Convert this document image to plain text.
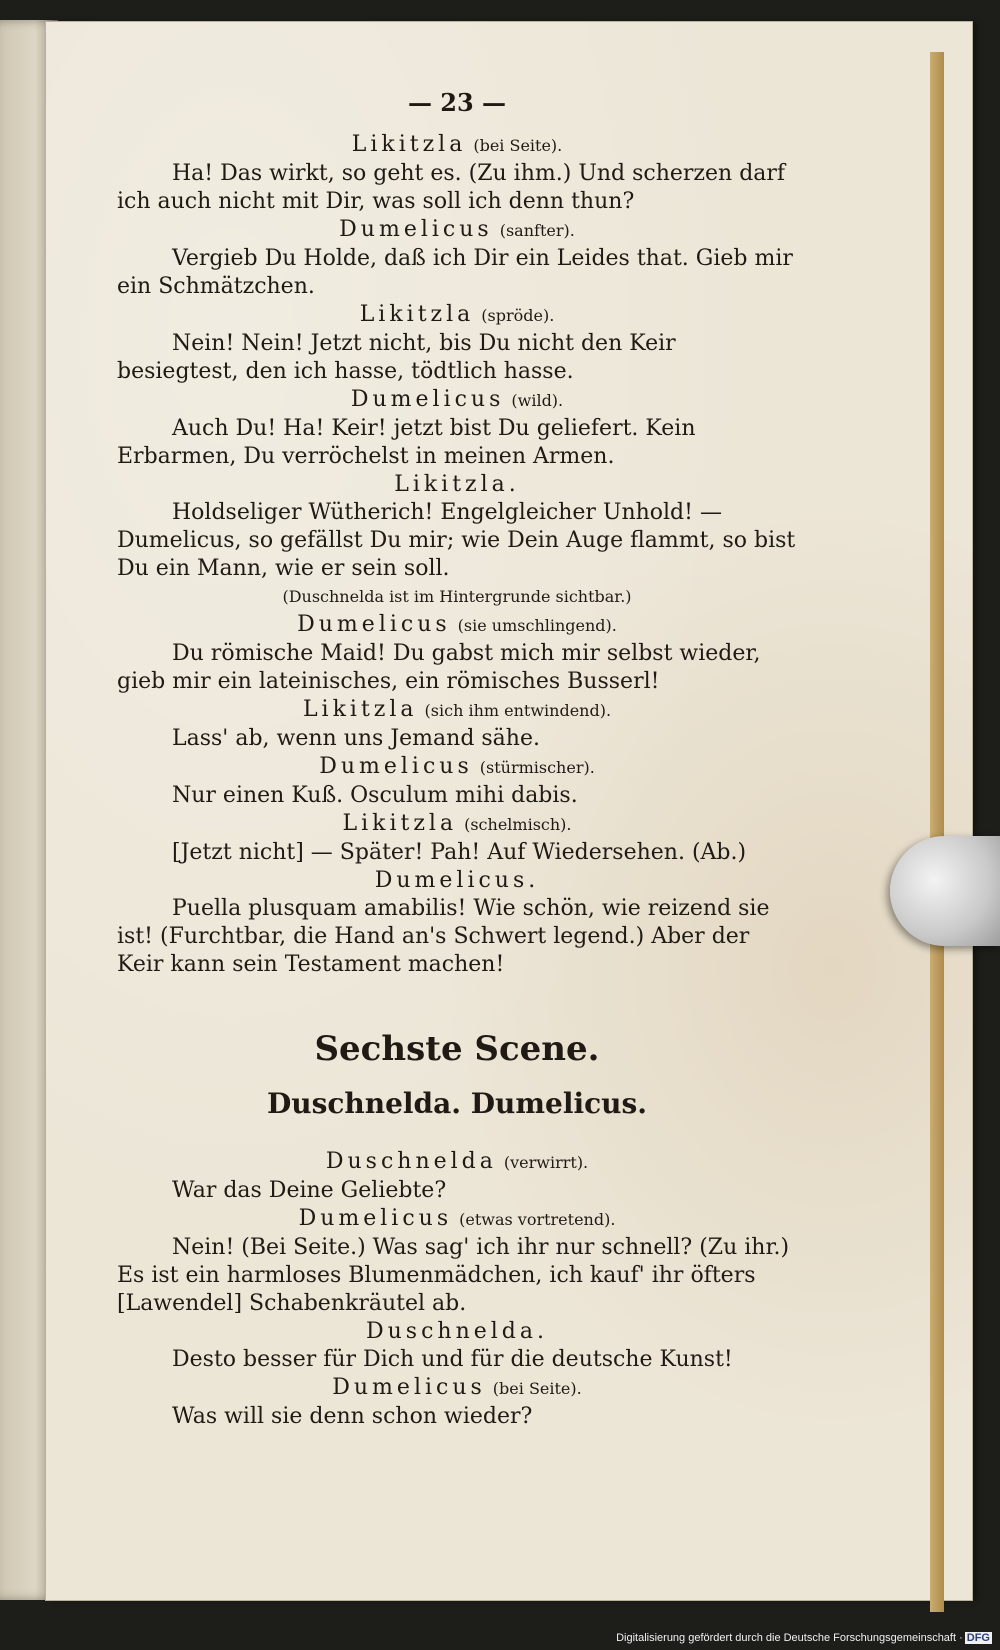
— 23 —
Likitzla (bei Seite).
Ha! Das wirkt, so geht es. (Zu ihm.) Und scherzen darf ich auch nicht mit Dir, was soll ich denn thun?
Dumelicus (sanfter).
Vergieb Du Holde, daß ich Dir ein Leides that. Gieb mir ein Schmätzchen.
Likitzla (spröde).
Nein! Nein! Jetzt nicht, bis Du nicht den Keir besiegtest, den ich hasse, tödtlich hasse.
Dumelicus (wild).
Auch Du! Ha! Keir! jetzt bist Du geliefert. Kein Erbarmen, Du verröchelst in meinen Armen.
Likitzla.
Holdseliger Wütherich! Engelgleicher Unhold! — Dumelicus, so gefällst Du mir; wie Dein Auge flammt, so bist Du ein Mann, wie er sein soll.
(Duschnelda ist im Hintergrunde sichtbar.)
Dumelicus (sie umschlingend).
Du römische Maid! Du gabst mich mir selbst wieder, gieb mir ein lateinisches, ein römisches Busserl!
Likitzla (sich ihm entwindend).
Lass' ab, wenn uns Jemand sähe.
Dumelicus (stürmischer).
Nur einen Kuß. Osculum mihi dabis.
Likitzla (schelmisch).
[Jetzt nicht] — Später! Pah! Auf Wiedersehen. (Ab.)
Dumelicus.
Puella plusquam amabilis! Wie schön, wie reizend sie ist! (Furchtbar, die Hand an's Schwert legend.) Aber der Keir kann sein Testament machen!
Sechste Scene.
Duschnelda. Dumelicus.
Duschnelda (verwirrt).
War das Deine Geliebte?
Dumelicus (etwas vortretend).
Nein! (Bei Seite.) Was sag' ich ihr nur schnell? (Zu ihr.) Es ist ein harmloses Blumenmädchen, ich kauf' ihr öfters [Lawendel] Schabenkräutel ab.
Duschnelda.
Desto besser für Dich und für die deutsche Kunst!
Dumelicus (bei Seite).
Was will sie denn schon wieder?
Digitalisierung gefördert durch die Deutsche Forschungsgemeinschaft · DFG
